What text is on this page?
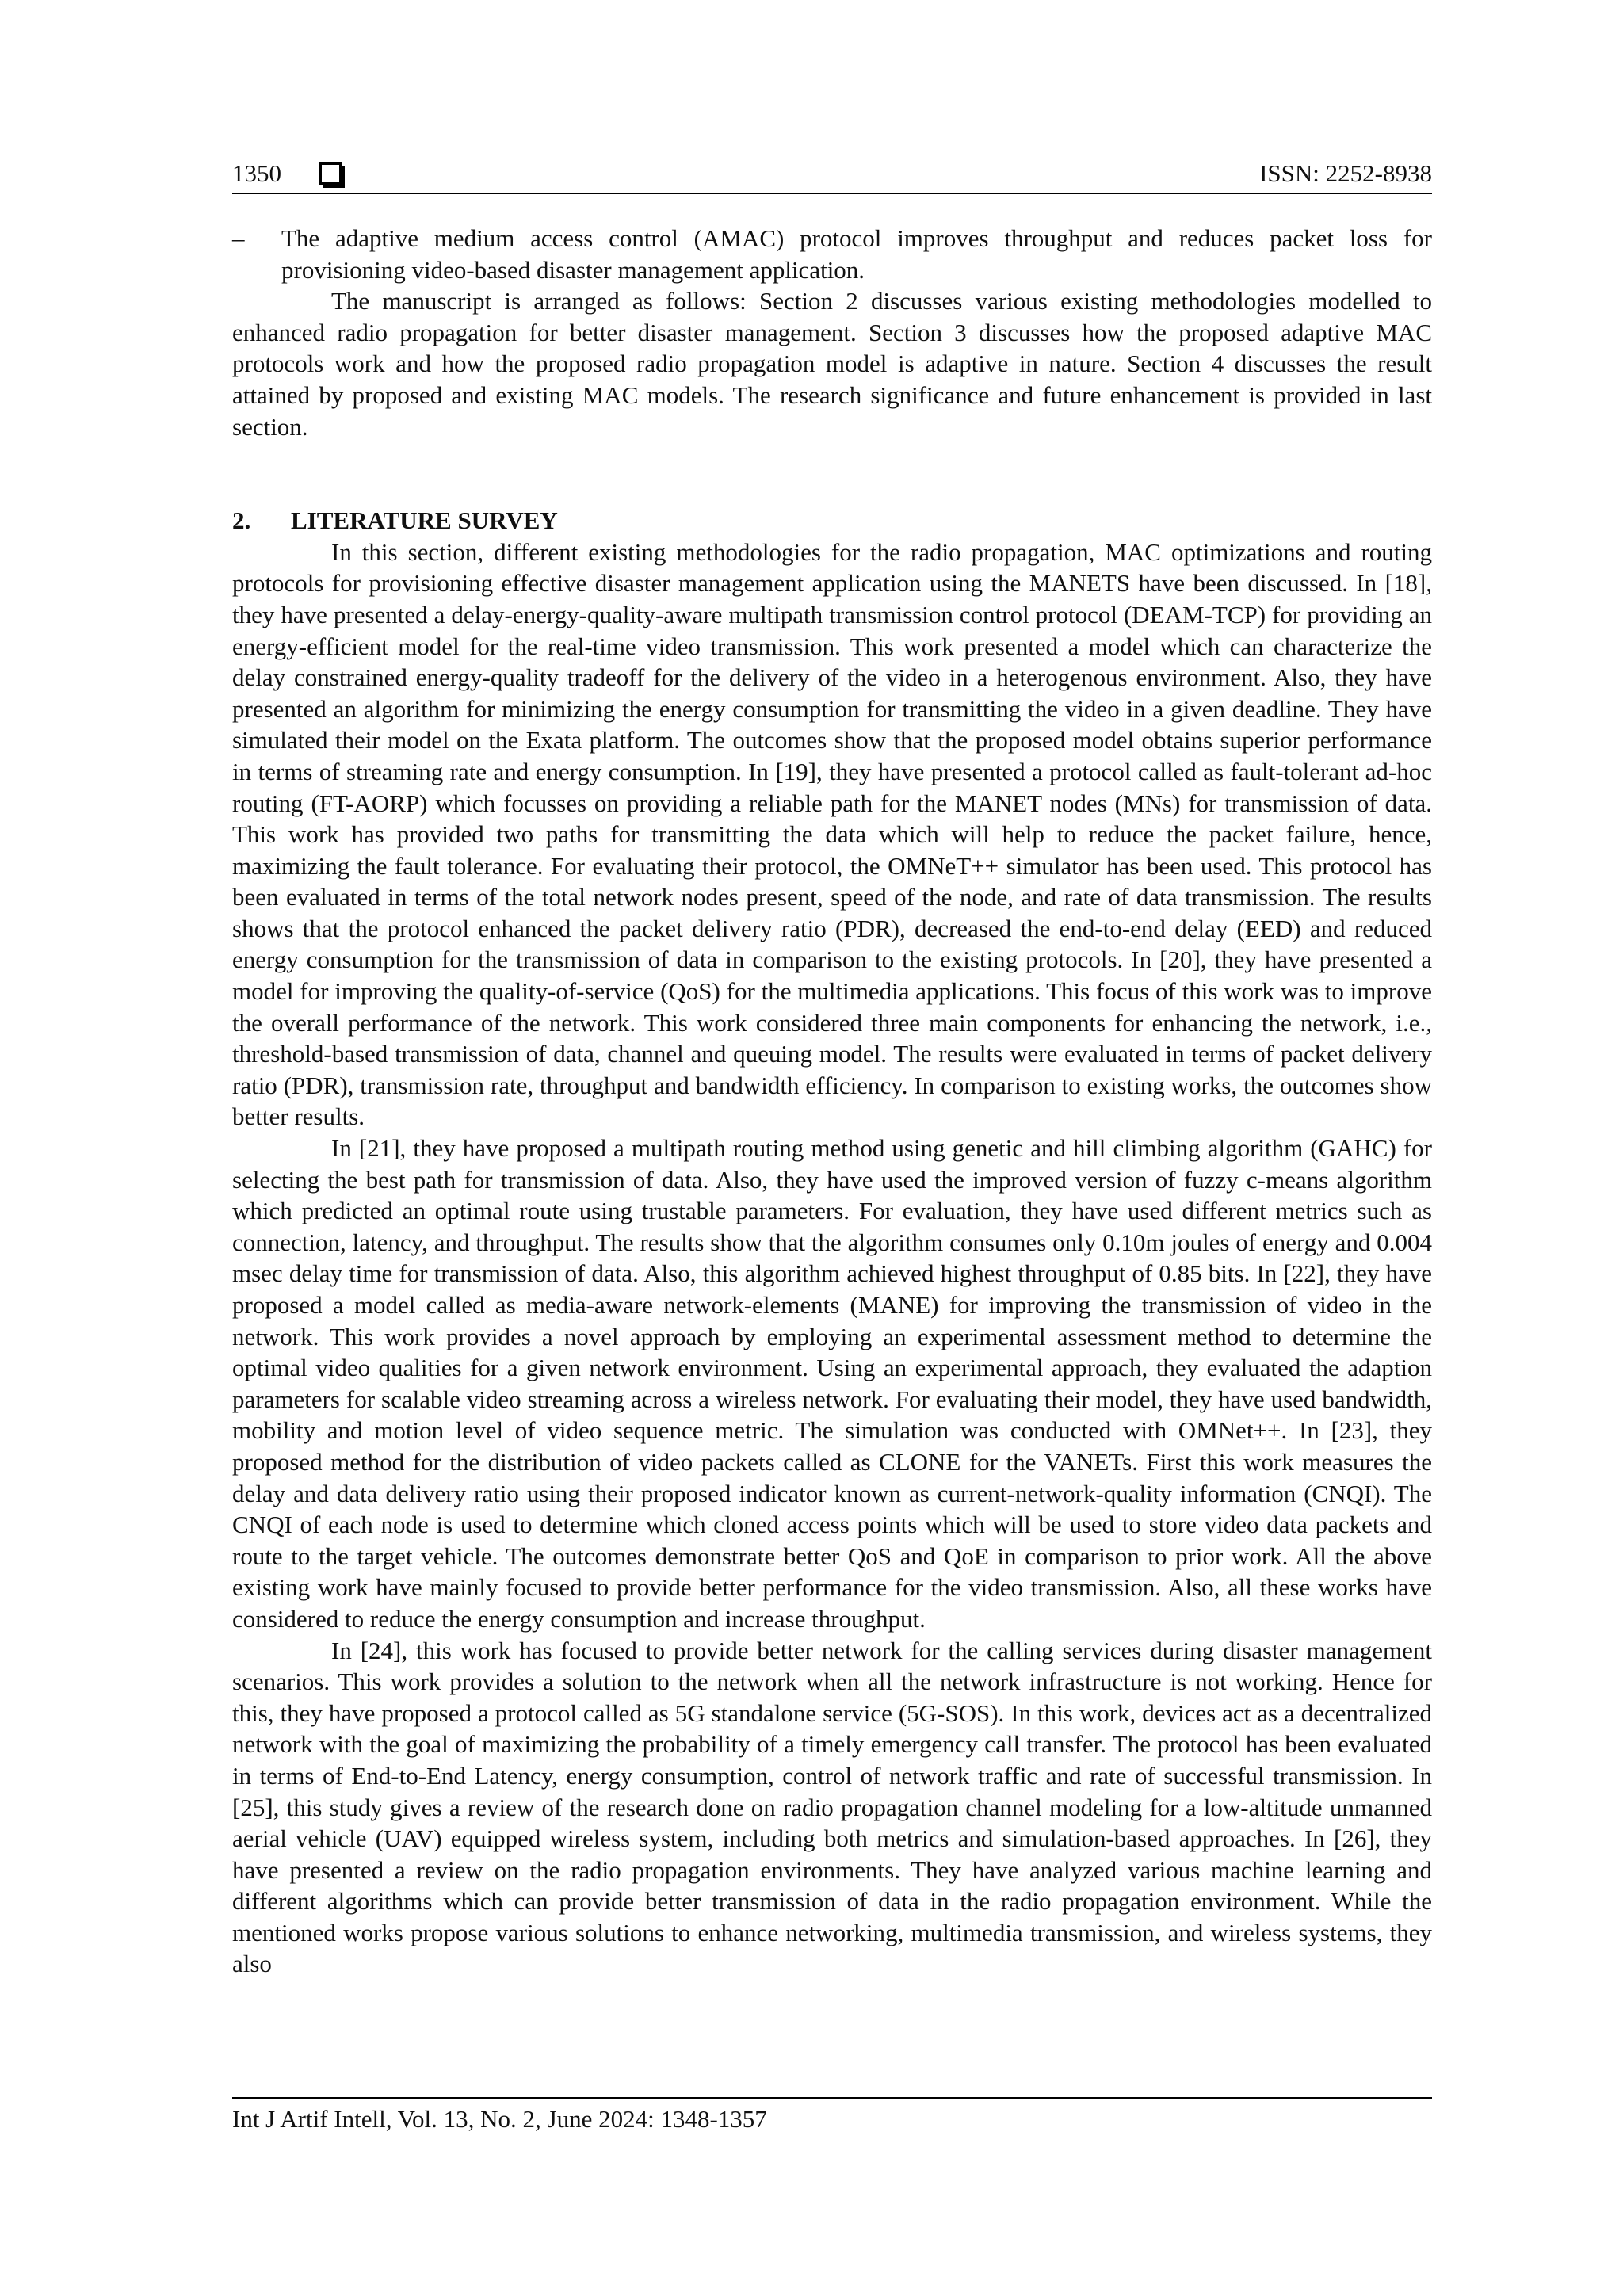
1350	ISSN: 2252-8938
– The adaptive medium access control (AMAC) protocol improves throughput and reduces packet loss for provisioning video-based disaster management application.

The manuscript is arranged as follows: Section 2 discusses various existing methodologies modelled to enhanced radio propagation for better disaster management. Section 3 discusses how the proposed adaptive MAC protocols work and how the proposed radio propagation model is adaptive in nature. Section 4 discusses the result attained by proposed and existing MAC models. The research significance and future enhancement is provided in last section.

2. LITERATURE SURVEY

In this section, different existing methodologies for the radio propagation, MAC optimizations and routing protocols for provisioning effective disaster management application using the MANETS have been discussed. In [18], they have presented a delay-energy-quality-aware multipath transmission control protocol (DEAM-TCP) for providing an energy-efficient model for the real-time video transmission. This work presented a model which can characterize the delay constrained energy-quality tradeoff for the delivery of the video in a heterogenous environment. Also, they have presented an algorithm for minimizing the energy consumption for transmitting the video in a given deadline. They have simulated their model on the Exata platform. The outcomes show that the proposed model obtains superior performance in terms of streaming rate and energy consumption. In [19], they have presented a protocol called as fault-tolerant ad-hoc routing (FT-AORP) which focusses on providing a reliable path for the MANET nodes (MNs) for transmission of data. This work has provided two paths for transmitting the data which will help to reduce the packet failure, hence, maximizing the fault tolerance. For evaluating their protocol, the OMNeT++ simulator has been used. This protocol has been evaluated in terms of the total network nodes present, speed of the node, and rate of data transmission. The results shows that the protocol enhanced the packet delivery ratio (PDR), decreased the end-to-end delay (EED) and reduced energy consumption for the transmission of data in comparison to the existing protocols. In [20], they have presented a model for improving the quality-of-service (QoS) for the multimedia applications. This focus of this work was to improve the overall performance of the network. This work considered three main components for enhancing the network, i.e., threshold-based transmission of data, channel and queuing model. The results were evaluated in terms of packet delivery ratio (PDR), transmission rate, throughput and bandwidth efficiency. In comparison to existing works, the outcomes show better results.

In [21], they have proposed a multipath routing method using genetic and hill climbing algorithm (GAHC) for selecting the best path for transmission of data. Also, they have used the improved version of fuzzy c-means algorithm which predicted an optimal route using trustable parameters. For evaluation, they have used different metrics such as connection, latency, and throughput. The results show that the algorithm consumes only 0.10m joules of energy and 0.004 msec delay time for transmission of data. Also, this algorithm achieved highest throughput of 0.85 bits. In [22], they have proposed a model called as media-aware network-elements (MANE) for improving the transmission of video in the network. This work provides a novel approach by employing an experimental assessment method to determine the optimal video qualities for a given network environment. Using an experimental approach, they evaluated the adaption parameters for scalable video streaming across a wireless network. For evaluating their model, they have used bandwidth, mobility and motion level of video sequence metric. The simulation was conducted with OMNet++. In [23], they proposed method for the distribution of video packets called as CLONE for the VANETs. First this work measures the delay and data delivery ratio using their proposed indicator known as current-network-quality information (CNQI). The CNQI of each node is used to determine which cloned access points which will be used to store video data packets and route to the target vehicle. The outcomes demonstrate better QoS and QoE in comparison to prior work. All the above existing work have mainly focused to provide better performance for the video transmission. Also, all these works have considered to reduce the energy consumption and increase throughput.

In [24], this work has focused to provide better network for the calling services during disaster management scenarios. This work provides a solution to the network when all the network infrastructure is not working. Hence for this, they have proposed a protocol called as 5G standalone service (5G-SOS). In this work, devices act as a decentralized network with the goal of maximizing the probability of a timely emergency call transfer. The protocol has been evaluated in terms of End-to-End Latency, energy consumption, control of network traffic and rate of successful transmission. In [25], this study gives a review of the research done on radio propagation channel modeling for a low-altitude unmanned aerial vehicle (UAV) equipped wireless system, including both metrics and simulation-based approaches. In [26], they have presented a review on the radio propagation environments. They have analyzed various machine learning and different algorithms which can provide better transmission of data in the radio propagation environment. While the mentioned works propose various solutions to enhance networking, multimedia transmission, and wireless systems, they also

Int J Artif Intell, Vol. 13, No. 2, June 2024: 1348-1357
